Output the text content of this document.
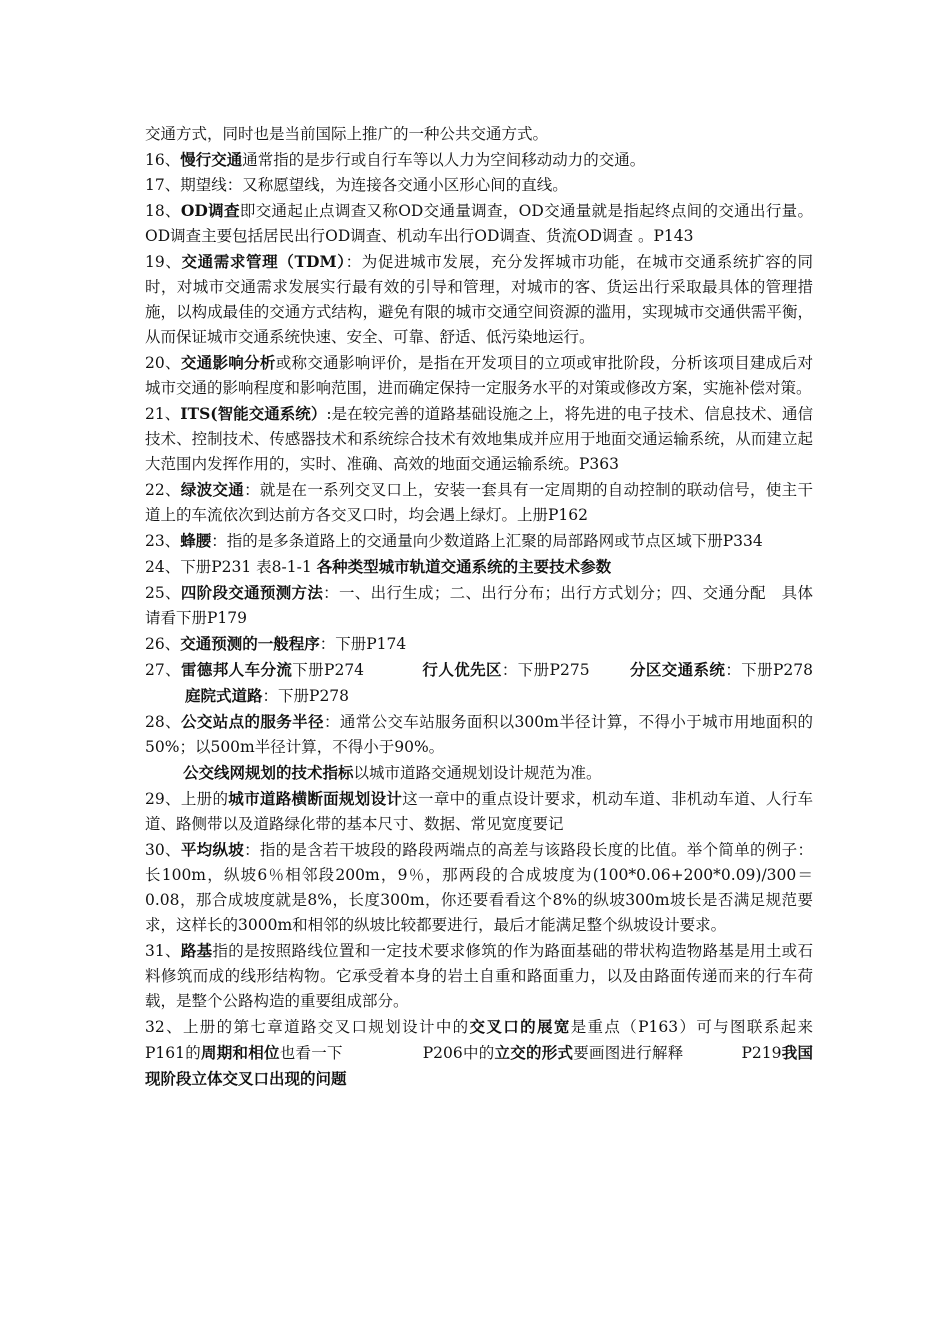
交通方式，同时也是当前国际上推广的一种公共交通方式。

16、慢行交通通常指的是步行或自行车等以人力为空间移动动力的交通。

17、期望线：又称愿望线，为连接各交通小区形心间的直线。

18、OD调查即交通起止点调查又称OD交通量调查，OD交通量就是指起终点间的交通出行量。OD调查主要包括居民出行OD调查、机动车出行OD调查、货流OD调查 。P143

19、交通需求管理（TDM）：为促进城市发展，充分发挥城市功能，在城市交通系统扩容的同时，对城市交通需求发展实行最有效的引导和管理，对城市的客、货运出行采取最具体的管理措施，以构成最佳的交通方式结构，避免有限的城市交通空间资源的滥用，实现城市交通供需平衡，从而保证城市交通系统快速、安全、可靠、舒适、低污染地运行。

20、交通影响分析或称交通影响评价，是指在开发项目的立项或审批阶段，分析该项目建成后对城市交通的影响程度和影响范围，进而确定保持一定服务水平的对策或修改方案，实施补偿对策。

21、ITS(智能交通系统）:是在较完善的道路基础设施之上，将先进的电子技术、信息技术、通信技术、控制技术、传感器技术和系统综合技术有效地集成并应用于地面交通运输系统，从而建立起大范围内发挥作用的，实时、准确、高效的地面交通运输系统。P363

22、绿波交通：就是在一系列交叉口上，安装一套具有一定周期的自动控制的联动信号，使主干道上的车流依次到达前方各交叉口时，均会遇上绿灯。上册P162

23、蜂腰：指的是多条道路上的交通量向少数道路上汇聚的局部路网或节点区域下册P334

24、下册P231 表8-1-1 各种类型城市轨道交通系统的主要技术参数

25、四阶段交通预测方法：一、出行生成；二、出行分布；出行方式划分；四、交通分配　具体请看下册P179

26、交通预测的一般程序：下册P174

27、雷德邦人车分流下册P274	行人优先区：下册P275	分区交通系统：下册P278庭院式道路：下册P278

28、公交站点的服务半径：通常公交车站服务面积以300m半径计算，不得小于城市用地面积的50%；以500m半径计算，不得小于90%。

公交线网规划的技术指标以城市道路交通规划设计规范为准。

29、上册的城市道路横断面规划设计这一章中的重点设计要求，机动车道、非机动车道、人行车道、路侧带以及道路绿化带的基本尺寸、数据、常见宽度要记

30、平均纵坡：指的是含若干坡段的路段两端点的高差与该路段长度的比值。举个简单的例子：长100m，纵坡6％相邻段200m，9％，那两段的合成坡度为(100*0.06+200*0.09)/300＝0.08，那合成坡度就是8%，长度300m，你还要看看这个8%的纵坡300m坡长是否满足规范要求，这样长的3000m和相邻的纵坡比较都要进行，最后才能满足整个纵坡设计要求。

31、路基指的是按照路线位置和一定技术要求修筑的作为路面基础的带状构造物路基是用土或石料修筑而成的线形结构物。它承受着本身的岩土自重和路面重力，以及由路面传递而来的行车荷载，是整个公路构造的重要组成部分。

32、上册的第七章道路交叉口规划设计中的交叉口的展宽是重点（P163）可与图联系起来　P161的周期和相位也看一下	P206中的立交的形式要画图进行解释	P219我国现阶段立体交叉口出现的问题
